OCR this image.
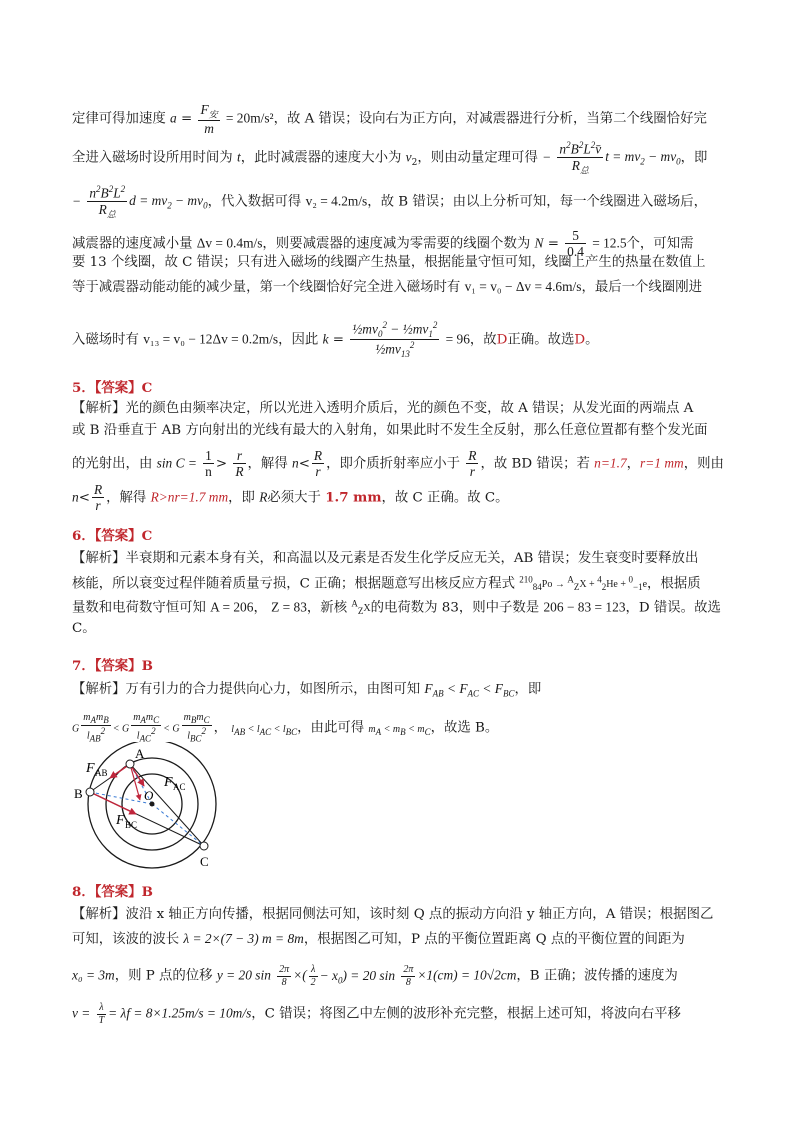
定律可得加速度 $a = \frac{F_安}{m} = 20m/s^2$，故 A 错误；设向右为正方向，对减震器进行分析，当第二个线圈恰好完
全进入磁场时设所用时间为 t，此时减震器的速度大小为 $v_2$，则由动量定理可得 − $\frac{n^2B^2L^2v̄}{R_总}$ $t = mv_2 - mv_0$，即
− $\frac{n^2B^2L^2}{R_总}$ $d = mv_2 - mv_0$，代入数据可得 v₂ = 4.2m/s，故 B 错误；由以上分析可知，每一个线圈进入磁场后，
减震器的速度减小量 Δv = 0.4m/s，则要减震器的速度减为零需要的线圈个数为 $N = \frac{5}{0.4} = 12.5$个，可知需
要 13 个线圈，故 C 错误；只有进入磁场的线圈产生热量，根据能量守恒可知，线圈上产生的热量在数值上
等于减震器动能动能的减少量，第一个线圈恰好完全进入磁场时有 v₁ = v₀ − Δv = 4.6m/s，最后一个线圈刚进
入磁场时有 v₁₃ = v₀ − 12Δv = 0.2m/s，因此 $k = \frac{\frac{1}{2}mv_0^2 - \frac{1}{2}mv_1^2}{\frac{1}{2}mv_{13}^2} = 96$，故D正确。故选D。
5．【答案】C
【解析】光的颜色由频率决定，所以光进入透明介质后，光的颜色不变，故 A 错误；从发光面的两端点 A
或 B 沿垂直于 AB 方向射出的光线有最大的入射角，如果此时不发生全反射，那么任意位置都有整个发光面
的光射出，由 $\sin C = \frac{1}{n} > \frac{r}{R}$ ，解得 $n< \frac{R}{r}$ ，即介质折射率应小于 $\frac{R}{r}$ ，故 BD 错误；若 n=1.7，r=1 mm，则由
$n< \frac{R}{r}$ ，解得 R>nr=1.7 mm，即 R必须大于 1.7 mm，故 C 正确。故 C。
6．【答案】C
【解析】半衰期和元素本身有关，和高温以及元素是否发生化学反应无关，AB 错误；发生衰变时要释放出
核能，所以衰变过程伴随着质量亏损，C 正确；根据题意写出核反应方程式 $^{210}_{84}$Po → $^A_Z$X + $^4_2$He + $^0_{-1}$e，根据质
量数和电荷数守恒可知 A = 206， Z = 83，新核 $^A_Z$X的电荷数为 83，则中子数是 206 − 83 = 123，D 错误。故选
C。
7．【答案】B
【解析】万有引力的合力提供向心力，如图所示，由图可知 $F_{AB} < F_{AC} < F_{BC}$，即
G $\frac{m_Am_B}{l_{AB}^2} < G \frac{m_Am_C}{l_{AC}^2} < G \frac{m_Bm_C}{l_{BC}^2}$ ， $l_{AB} < l_{AC} < l_{BC}$，由此可得 $m_A < m_B < m_C$，故选 B。
A
B
C
O
F AB
F AC
F BC
8．【答案】B
【解析】波沿 x 轴正方向传播，根据同侧法可知，该时刻 Q 点的振动方向沿 y 轴正方向，A 错误；根据图乙
可知，该波的波长 λ = 2×(7 − 3) m = 8m，根据图乙可知，P 点的平衡位置距离 Q 点的平衡位置的间距为
x₀ = 3m，则 P 点的位移 y = 20 $\sin \frac{2\pi}{8}$ ×( $\frac{\lambda}{2} - x_0) = 20$ $\sin \frac{2\pi}{8} \times 1(cm) = 10√2cm$，B 正确；波传播的速度为
$v = \frac{\lambda}{T} = \lambda f = 8\times 1.25m/s = 10m/s$，C 错误；将图乙中左侧的波形补充完整，根据上述可知，将波向右平移
